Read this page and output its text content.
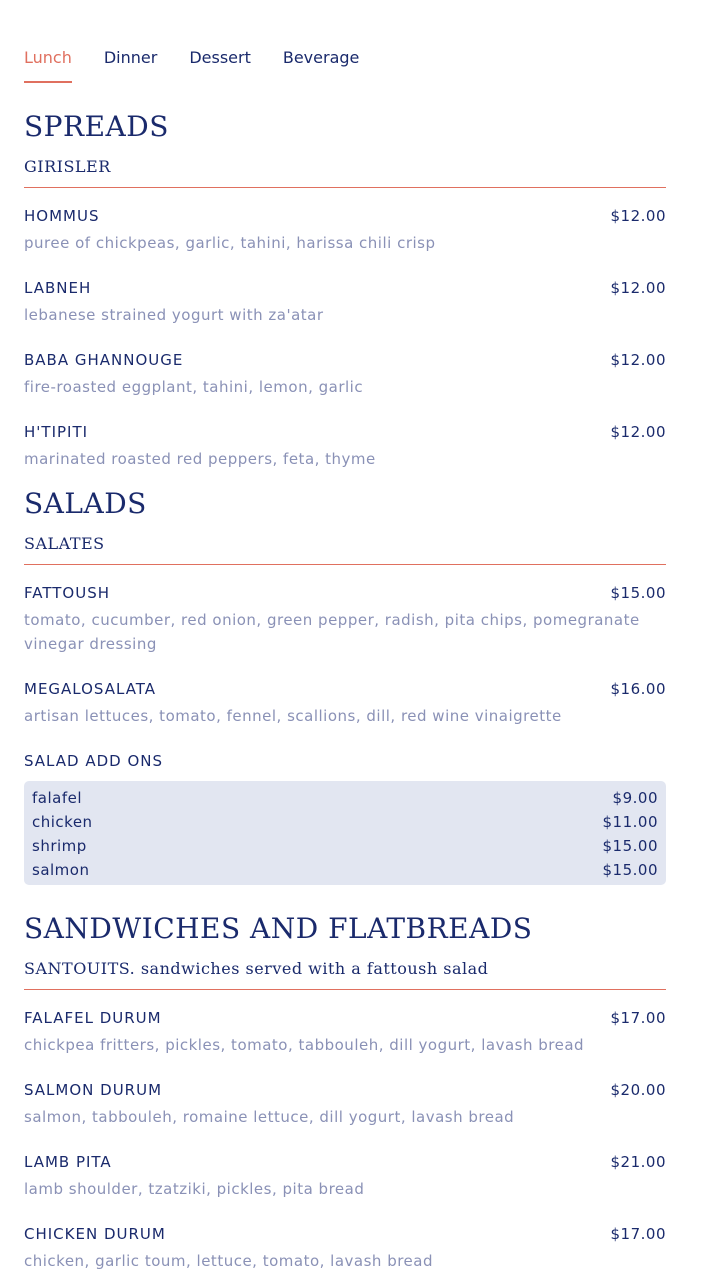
Lunch Dinner Dessert Beverage
SPREADS
GIRISLER
HOMMUS	$12.00
puree of chickpeas, garlic, tahini, harissa chili crisp
LABNEH	$12.00
lebanese strained yogurt with za'atar
BABA GHANNOUGE	$12.00
fire-roasted eggplant, tahini, lemon, garlic
H'TIPITI	$12.00
marinated roasted red peppers, feta, thyme
SALADS
SALATES
FATTOUSH	$15.00
tomato, cucumber, red onion, green pepper, radish, pita chips, pomegranate vinegar dressing
MEGALOSALATA	$16.00
artisan lettuces, tomato, fennel, scallions, dill, red wine vinaigrette
SALAD ADD ONS
falafel	$9.00
chicken	$11.00
shrimp	$15.00
salmon	$15.00
SANDWICHES AND FLATBREADS
SANTOUITS. sandwiches served with a fattoush salad
FALAFEL DURUM	$17.00
chickpea fritters, pickles, tomato, tabbouleh, dill yogurt, lavash bread
SALMON DURUM	$20.00
salmon, tabbouleh, romaine lettuce, dill yogurt, lavash bread
LAMB PITA	$21.00
lamb shoulder, tzatziki, pickles, pita bread
CHICKEN DURUM	$17.00
chicken, garlic toum, lettuce, tomato, lavash bread
